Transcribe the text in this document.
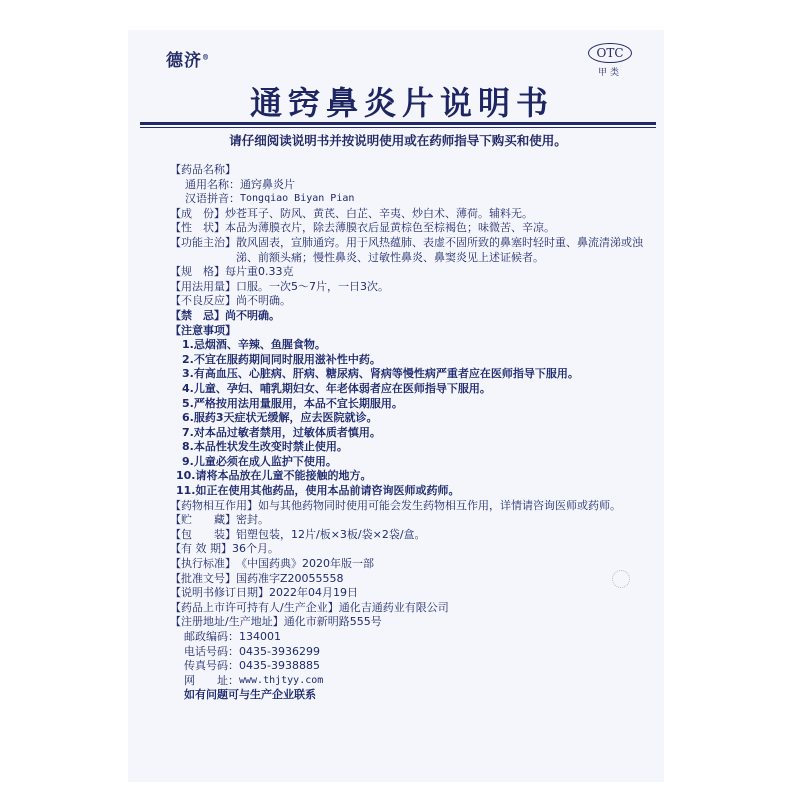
德济®	OTC
甲类
通窍鼻炎片说明书
请仔细阅读说明书并按说明使用或在药师指导下购买和使用。
【药品名称】
通用名称： 通窍鼻炎片
汉语拼音： Tongqiao Biyan Pian
【成　份】 炒苍耳子、防风、黄芪、白芷、辛夷、炒白术、薄荷。辅料无。
【性　状】 本品为薄膜衣片，除去薄膜衣后显黄棕色至棕褐色；味微苦、辛凉。
【功能主治】 散风固表，宣肺通窍。用于风热蕴肺、表虚不固所致的鼻塞时轻时重、鼻流清涕或浊涕、前额头痛；慢性鼻炎、过敏性鼻炎、鼻窦炎见上述证候者。
【规　格】 每片重0.33克
【用法用量】 口服。一次5～7片，一日3次。
【不良反应】 尚不明确。
【禁　忌】 尚不明确。
【注意事项】
1.忌烟酒、辛辣、鱼腥食物。
2.不宜在服药期间同时服用滋补性中药。
3.有高血压、心脏病、肝病、糖尿病、肾病等慢性病严重者应在医师指导下服用。
4.儿童、孕妇、哺乳期妇女、年老体弱者应在医师指导下服用。
5.严格按用法用量服用，本品不宜长期服用。
6.服药3天症状无缓解，应去医院就诊。
7.对本品过敏者禁用，过敏体质者慎用。
8.本品性状发生改变时禁止使用。
9.儿童必须在成人监护下使用。
10.请将本品放在儿童不能接触的地方。
11.如正在使用其他药品，使用本品前请咨询医师或药师。
【药物相互作用】 如与其他药物同时使用可能会发生药物相互作用，详情请咨询医师或药师。
【贮　　藏】 密封。
【包　　装】 铝塑包装，12片/板×3板/袋×2袋/盒。
【有 效 期】 36个月。
【执行标准】 《中国药典》2020年版一部
【批准文号】 国药准字Z20055558
【说明书修订日期】 2022年04月19日
【药品上市许可持有人/生产企业】 通化吉通药业有限公司
【注册地址/生产地址】 通化市新明路555号
邮政编码： 134001
电话号码： 0435-3936299
传真号码： 0435-3938885
网　　址： www.thjtyy.com
如有问题可与生产企业联系
